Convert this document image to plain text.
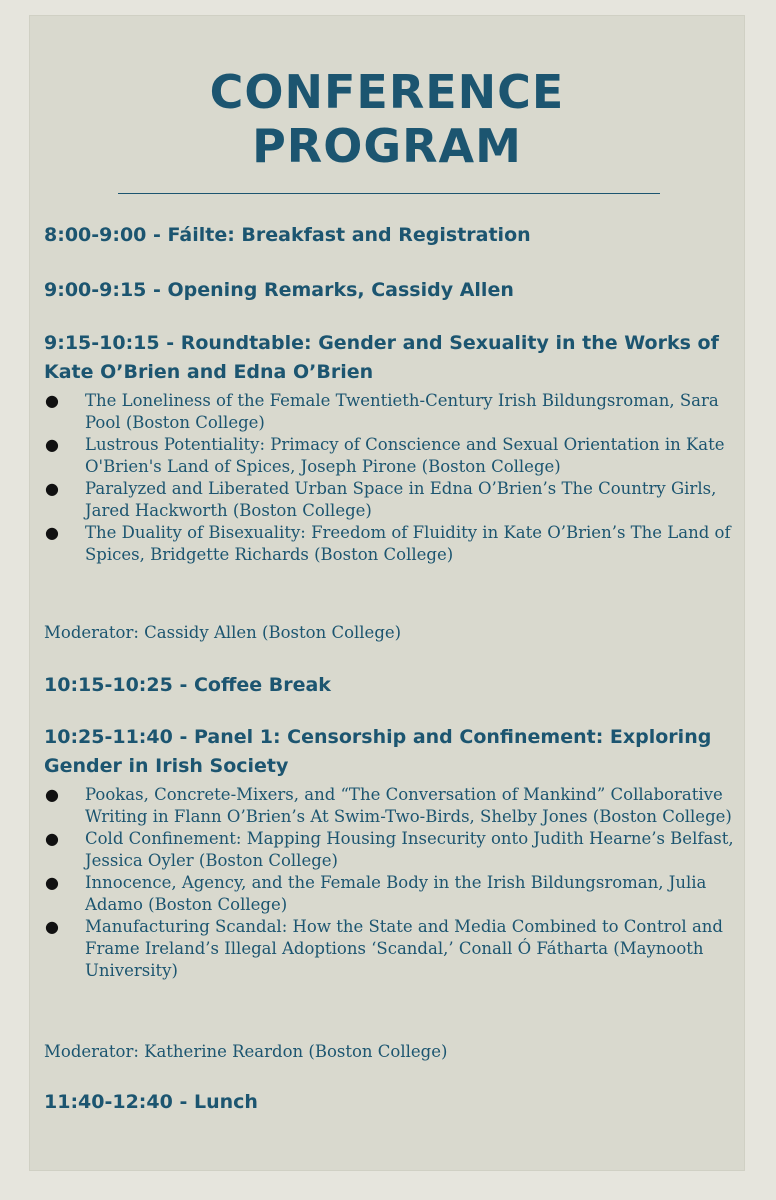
CONFERENCE
PROGRAM
8:00-9:00 - Fáilte: Breakfast and Registration
9:00-9:15 - Opening Remarks, Cassidy Allen
9:15-10:15 - Roundtable: Gender and Sexuality in the Works of Kate O’Brien and Edna O’Brien
● The Loneliness of the Female Twentieth-Century Irish Bildungsroman, Sara Pool (Boston College)
● Lustrous Potentiality: Primacy of Conscience and Sexual Orientation in Kate O'Brien's Land of Spices, Joseph Pirone (Boston College)
● Paralyzed and Liberated Urban Space in Edna O’Brien’s The Country Girls, Jared Hackworth (Boston College)
● The Duality of Bisexuality: Freedom of Fluidity in Kate O’Brien’s The Land of Spices, Bridgette Richards (Boston College)
Moderator: Cassidy Allen (Boston College)
10:15-10:25 - Coffee Break
10:25-11:40 - Panel 1: Censorship and Confinement: Exploring Gender in Irish Society
● Pookas, Concrete-Mixers, and “The Conversation of Mankind” Collaborative Writing in Flann O’Brien’s At Swim-Two-Birds, Shelby Jones (Boston College)
● Cold Confinement: Mapping Housing Insecurity onto Judith Hearne’s Belfast, Jessica Oyler (Boston College)
● Innocence, Agency, and the Female Body in the Irish Bildungsroman, Julia Adamo (Boston College)
● Manufacturing Scandal: How the State and Media Combined to Control and Frame Ireland’s Illegal Adoptions ‘Scandal,’ Conall Ó Fátharta (Maynooth University)
Moderator: Katherine Reardon (Boston College)
11:40-12:40 - Lunch
